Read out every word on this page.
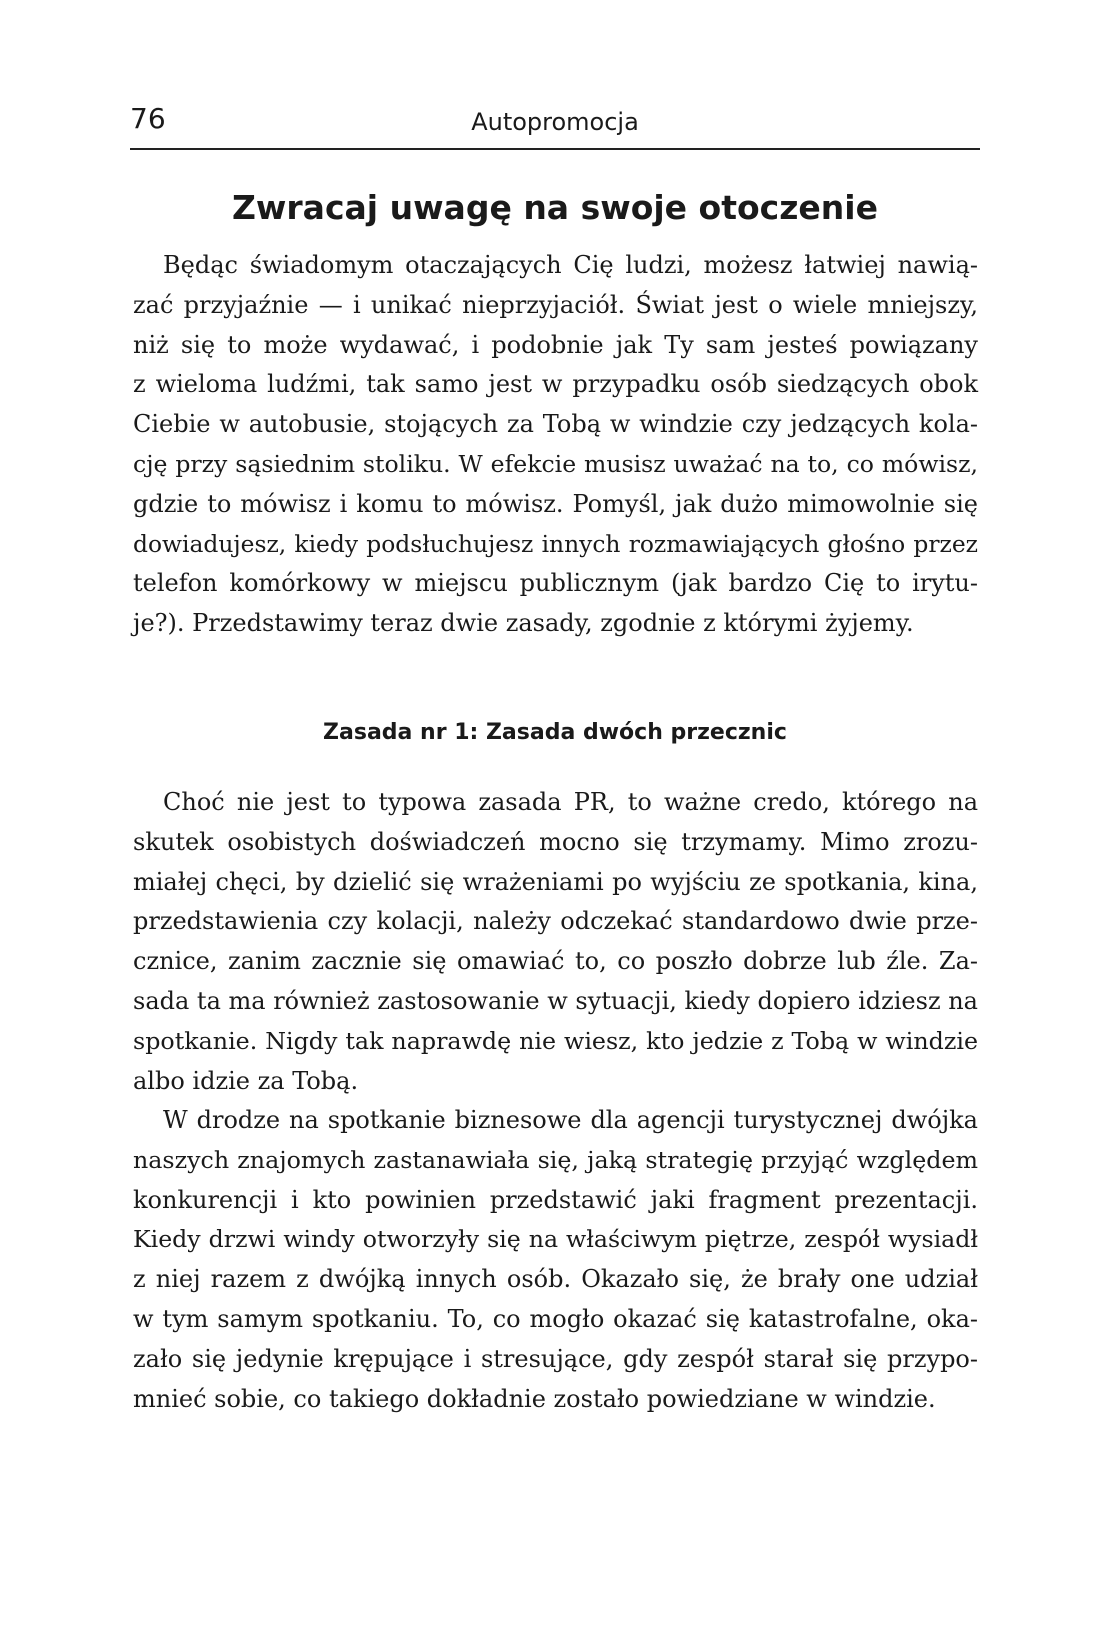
76	Autopromocja
Zwracaj uwagę na swoje otoczenie
Będąc świadomym otaczających Cię ludzi, możesz łatwiej nawią-
zać przyjaźnie — i unikać nieprzyjaciół. Świat jest o wiele mniejszy,
niż się to może wydawać, i podobnie jak Ty sam jesteś powiązany
z wieloma ludźmi, tak samo jest w przypadku osób siedzących obok
Ciebie w autobusie, stojących za Tobą w windzie czy jedzących kola-
cję przy sąsiednim stoliku. W efekcie musisz uważać na to, co mówisz,
gdzie to mówisz i komu to mówisz. Pomyśl, jak dużo mimowolnie się
dowiadujesz, kiedy podsłuchujesz innych rozmawiających głośno przez
telefon komórkowy w miejscu publicznym (jak bardzo Cię to irytu-
je?). Przedstawimy teraz dwie zasady, zgodnie z którymi żyjemy.
Zasada nr 1: Zasada dwóch przecznic
Choć nie jest to typowa zasada PR, to ważne credo, którego na
skutek osobistych doświadczeń mocno się trzymamy. Mimo zrozu-
miałej chęci, by dzielić się wrażeniami po wyjściu ze spotkania, kina,
przedstawienia czy kolacji, należy odczekać standardowo dwie prze-
cznice, zanim zacznie się omawiać to, co poszło dobrze lub źle. Za-
sada ta ma również zastosowanie w sytuacji, kiedy dopiero idziesz na
spotkanie. Nigdy tak naprawdę nie wiesz, kto jedzie z Tobą w windzie
albo idzie za Tobą.
W drodze na spotkanie biznesowe dla agencji turystycznej dwójka
naszych znajomych zastanawiała się, jaką strategię przyjąć względem
konkurencji i kto powinien przedstawić jaki fragment prezentacji.
Kiedy drzwi windy otworzyły się na właściwym piętrze, zespół wysiadł
z niej razem z dwójką innych osób. Okazało się, że brały one udział
w tym samym spotkaniu. To, co mogło okazać się katastrofalne, oka-
zało się jedynie krępujące i stresujące, gdy zespół starał się przypo-
mnieć sobie, co takiego dokładnie zostało powiedziane w windzie.
